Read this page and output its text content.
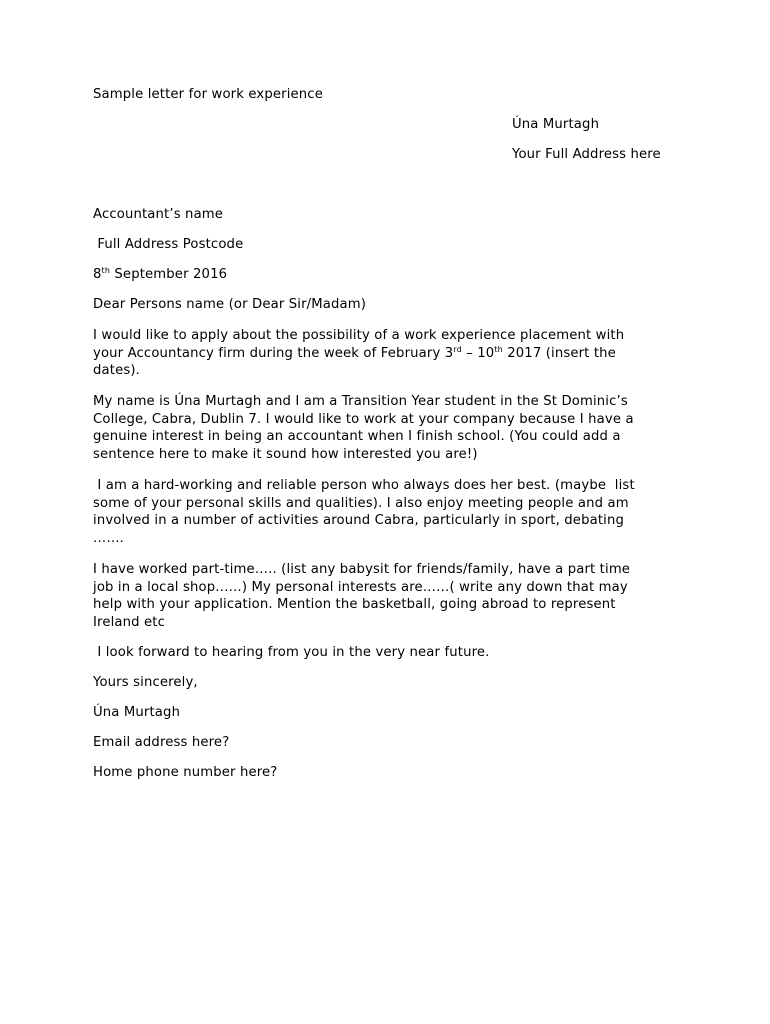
Sample letter for work experience
Úna Murtagh
Your Full Address here
Accountant’s name
Full Address Postcode
8th September 2016
Dear Persons name (or Dear Sir/Madam)
I would like to apply about the possibility of a work experience placement with
your Accountancy firm during the week of February 3rd – 10th 2017 (insert the
dates).
My name is Úna Murtagh and I am a Transition Year student in the St Dominic’s
College, Cabra, Dublin 7. I would like to work at your company because I have a
genuine interest in being an accountant when I finish school. (You could add a
sentence here to make it sound how interested you are!)
I am a hard-working and reliable person who always does her best. (maybe  list
some of your personal skills and qualities). I also enjoy meeting people and am
involved in a number of activities around Cabra, particularly in sport, debating
…….
I have worked part-time….. (list any babysit for friends/family, have a part time
job in a local shop……) My personal interests are……( write any down that may
help with your application. Mention the basketball, going abroad to represent
Ireland etc
I look forward to hearing from you in the very near future.
Yours sincerely,
Úna Murtagh
Email address here?
Home phone number here?
